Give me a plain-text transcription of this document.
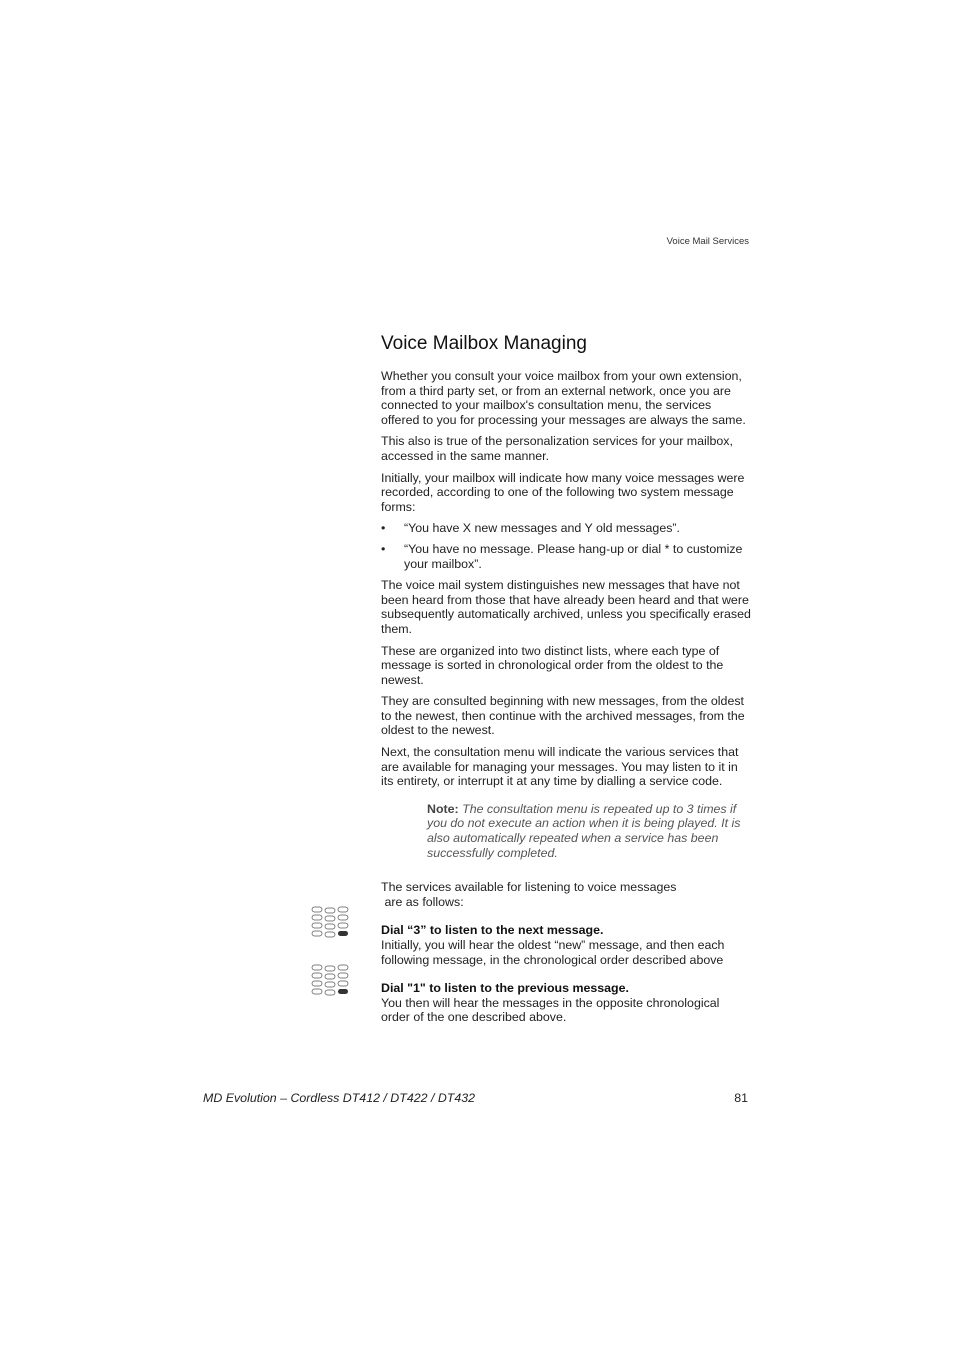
Voice Mail Services
Voice Mailbox Managing

Whether you consult your voice mailbox from your own extension, from a third party set, or from an external network, once you are connected to your mailbox's consultation menu, the services offered to you for processing your messages are always the same.

This also is true of the personalization services for your mailbox, accessed in the same manner.

Initially, your mailbox will indicate how many voice messages were recorded, according to one of the following two system message forms:

• “You have X new messages and Y old messages”.
• “You have no message. Please hang-up or dial * to customize your mailbox”.

The voice mail system distinguishes new messages that have not been heard from those that have already been heard and that were subsequently automatically archived, unless you specifically erased them.

These are organized into two distinct lists, where each type of message is sorted in chronological order from the oldest to the newest.

They are consulted beginning with new messages, from the oldest to the newest, then continue with the archived messages, from the oldest to the newest.

Next, the consultation menu will indicate the various services that are available for managing your messages. You may listen to it in its entirety, or interrupt it at any time by dialling a service code.

Note: The consultation menu is repeated up to 3 times if you do not execute an action when it is being played. It is also automatically repeated when a service has been successfully completed.

The services available for listening to voice messages
are as follows:

Dial “3” to listen to the next message.
Initially, you will hear the oldest “new” message, and then each following message, in the chronological order described above
Dial "1" to listen to the previous message.
You then will hear the messages in the opposite chronological order of the one described above.
MD Evolution – Cordless DT412 / DT422 / DT432	81
